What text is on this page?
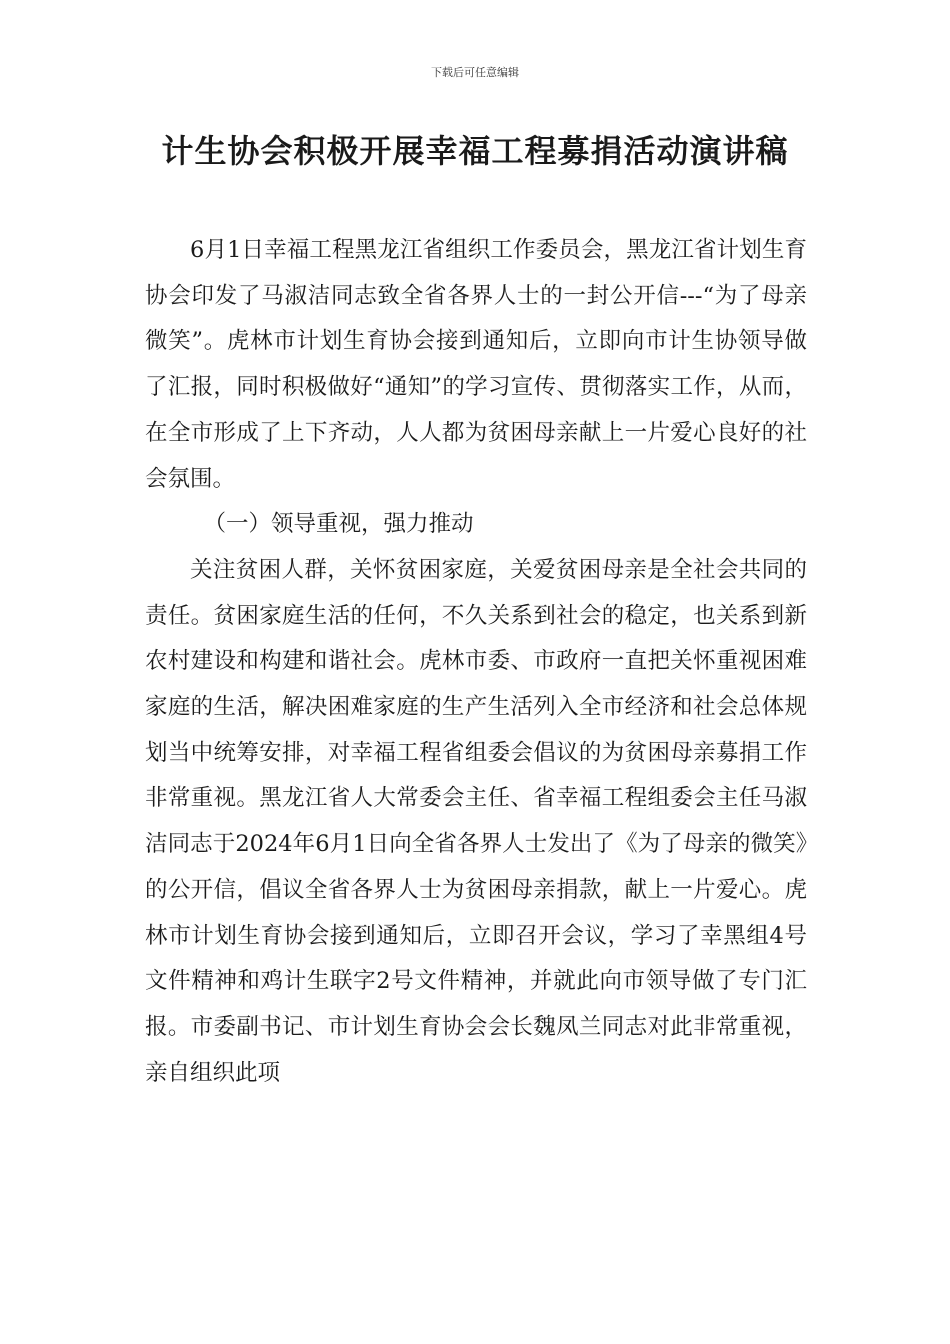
下载后可任意编辑
计生协会积极开展幸福工程募捐活动演讲稿

6月1日幸福工程黑龙江省组织工作委员会，黑龙江省计划生育协会印发了马淑洁同志致全省各界人士的一封公开信---“为了母亲微笑”。虎林市计划生育协会接到通知后，立即向市计生协领导做了汇报，同时积极做好“通知”的学习宣传、贯彻落实工作，从而，在全市形成了上下齐动，人人都为贫困母亲献上一片爱心良好的社会氛围。

（一）领导重视，强力推动

关注贫困人群，关怀贫困家庭，关爱贫困母亲是全社会共同的责任。贫困家庭生活的任何，不久关系到社会的稳定，也关系到新农村建设和构建和谐社会。虎林市委、市政府一直把关怀重视困难家庭的生活，解决困难家庭的生产生活列入全市经济和社会总体规划当中统筹安排，对幸福工程省组委会倡议的为贫困母亲募捐工作非常重视。黑龙江省人大常委会主任、省幸福工程组委会主任马淑洁同志于2024年6月1日向全省各界人士发出了《为了母亲的微笑》的公开信，倡议全省各界人士为贫困母亲捐款，献上一片爱心。虎林市计划生育协会接到通知后，立即召开会议，学习了幸黑组4号文件精神和鸡计生联字2号文件精神，并就此向市领导做了专门汇报。市委副书记、市计划生育协会会长魏凤兰同志对此非常重视，亲自组织此项
